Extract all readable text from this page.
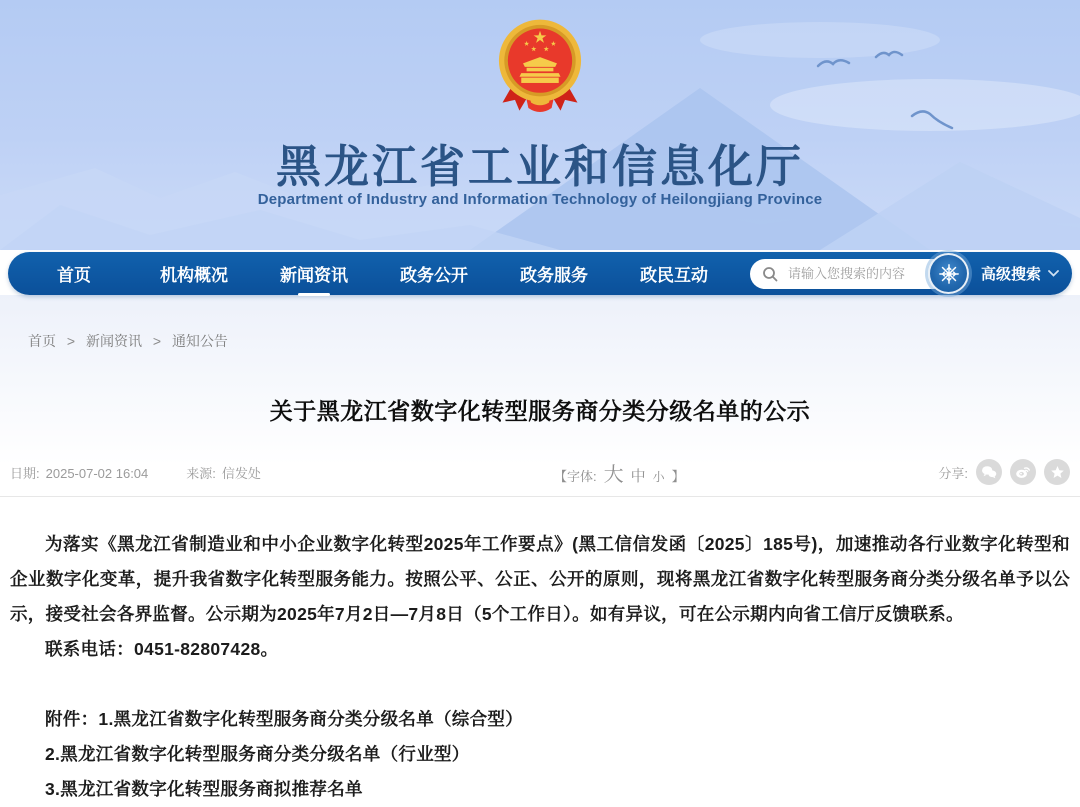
黑龙江省工业和信息化厅
Department of Industry and Information Technology of Heilongjiang Province
首页	机构概况	新闻资讯	政务公开	政务服务	政民互动
请输入您搜索的内容	高级搜索
首页 > 新闻资讯 > 通知公告
关于黑龙江省数字化转型服务商分类分级名单的公示
日期: 2025-07-02 16:04	来源: 信发处	【字体: 大 中 小 】	分享:

为落实《黑龙江省制造业和中小企业数字化转型2025年工作要点》(黑工信信发函〔2025〕185号)，加速推动各行业数字化转型和企业数字化变革，提升我省数字化转型服务能力。按照公平、公正、公开的原则，现将黑龙江省数字化转型服务商分类分级名单予以公示，接受社会各界监督。公示期为2025年7月2日—7月8日（5个工作日）。如有异议，可在公示期内向省工信厅反馈联系。

联系电话：0451-82807428。

附件：1.黑龙江省数字化转型服务商分类分级名单（综合型）
2.黑龙江省数字化转型服务商分类分级名单（行业型）
3.黑龙江省数字化转型服务商拟推荐名单
